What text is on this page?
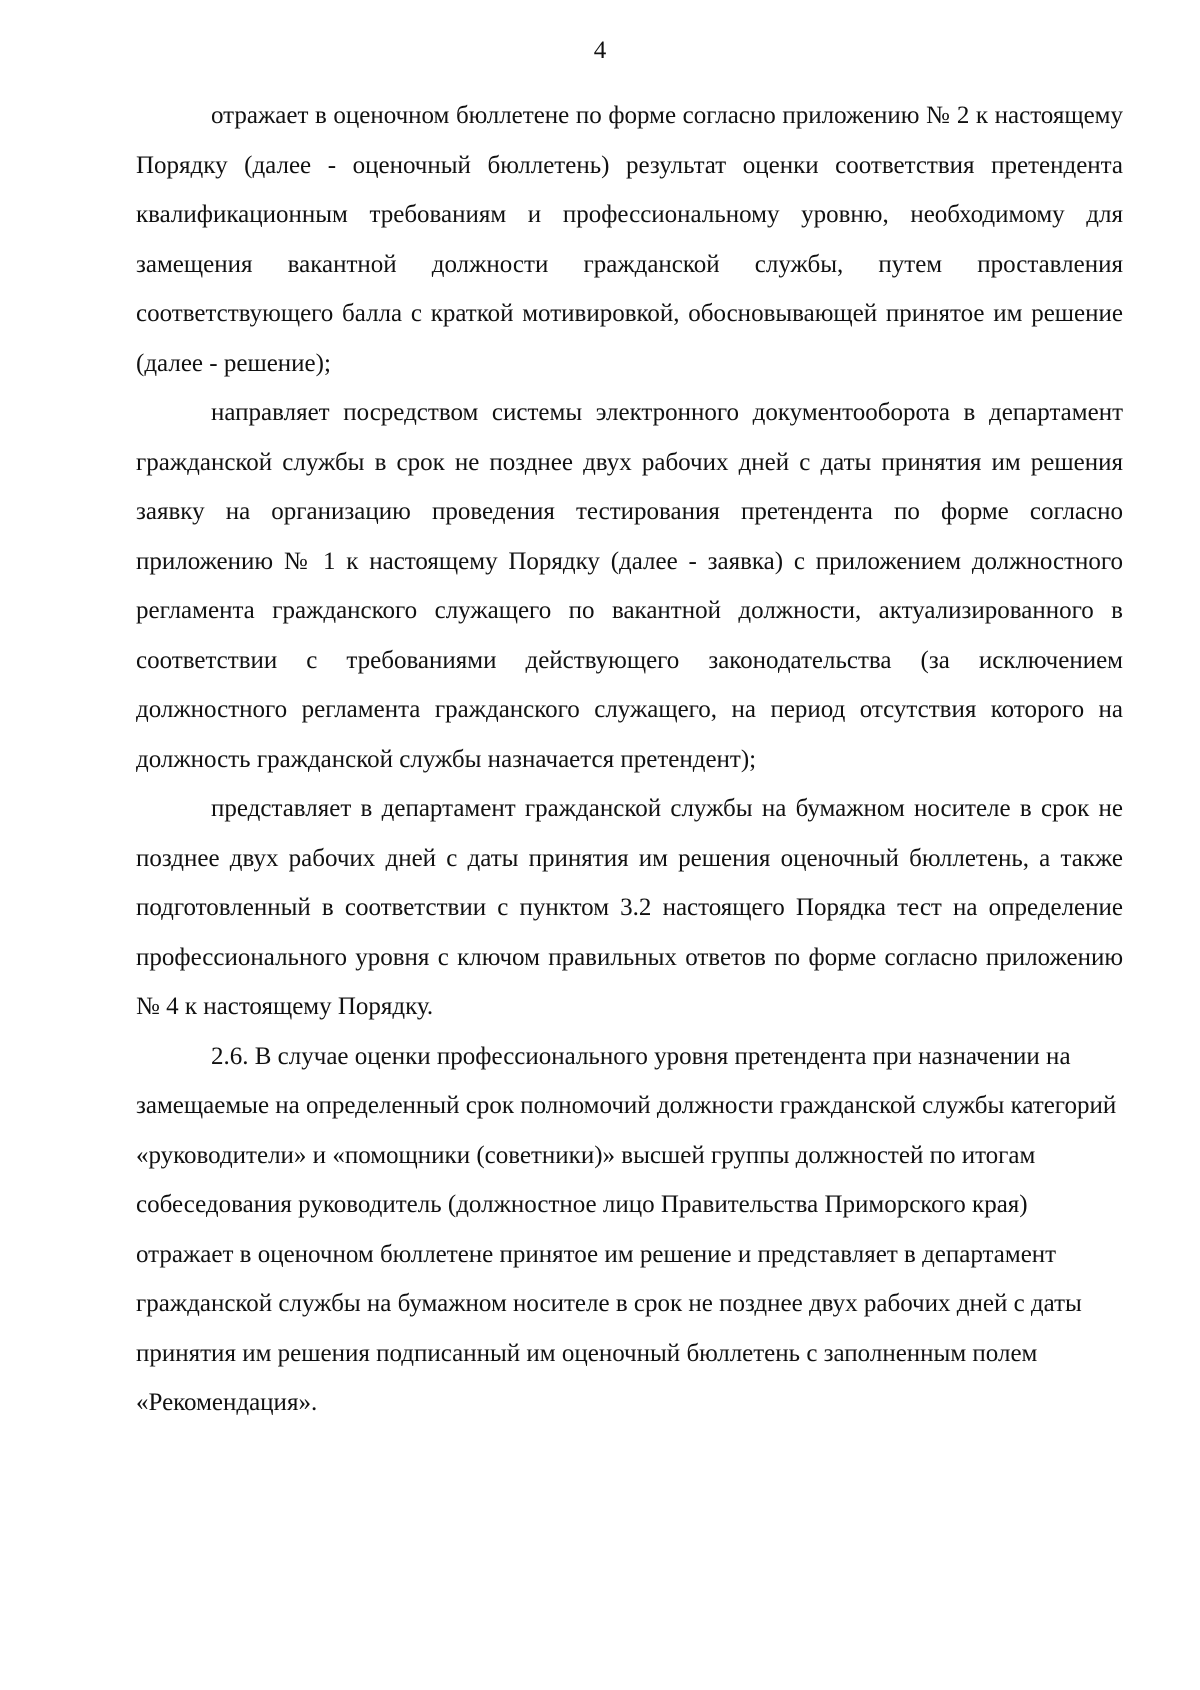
4

отражает в оценочном бюллетене по форме согласно приложению № 2 к настоящему Порядку (далее - оценочный бюллетень) результат оценки соответствия претендента квалификационным требованиям и профессиональному уровню, необходимому для замещения вакантной должности гражданской службы, путем проставления соответствующего балла с краткой мотивировкой, обосновывающей принятое им решение (далее - решение);

направляет посредством системы электронного документооборота в департамент гражданской службы в срок не позднее двух рабочих дней с даты принятия им решения заявку на организацию проведения тестирования претендента по форме согласно приложению № 1 к настоящему Порядку (далее - заявка) с приложением должностного регламента гражданского служащего по вакантной должности, актуализированного в соответствии с требованиями действующего законодательства (за исключением должностного регламента гражданского служащего, на период отсутствия которого на должность гражданской службы назначается претендент);

представляет в департамент гражданской службы на бумажном носителе в срок не позднее двух рабочих дней с даты принятия им решения оценочный бюллетень, а также подготовленный в соответствии с пунктом 3.2 настоящего Порядка тест на определение профессионального уровня с ключом правильных ответов по форме согласно приложению № 4 к настоящему Порядку.

2.6. В случае оценки профессионального уровня претендента при назначении на замещаемые на определенный срок полномочий должности гражданской службы категорий «руководители» и «помощники (советники)» высшей группы должностей по итогам собеседования руководитель (должностное лицо Правительства Приморского края) отражает в оценочном бюллетене принятое им решение и представляет в департамент гражданской службы на бумажном носителе в срок не позднее двух рабочих дней с даты принятия им решения подписанный им оценочный бюллетень с заполненным полем «Рекомендация».
